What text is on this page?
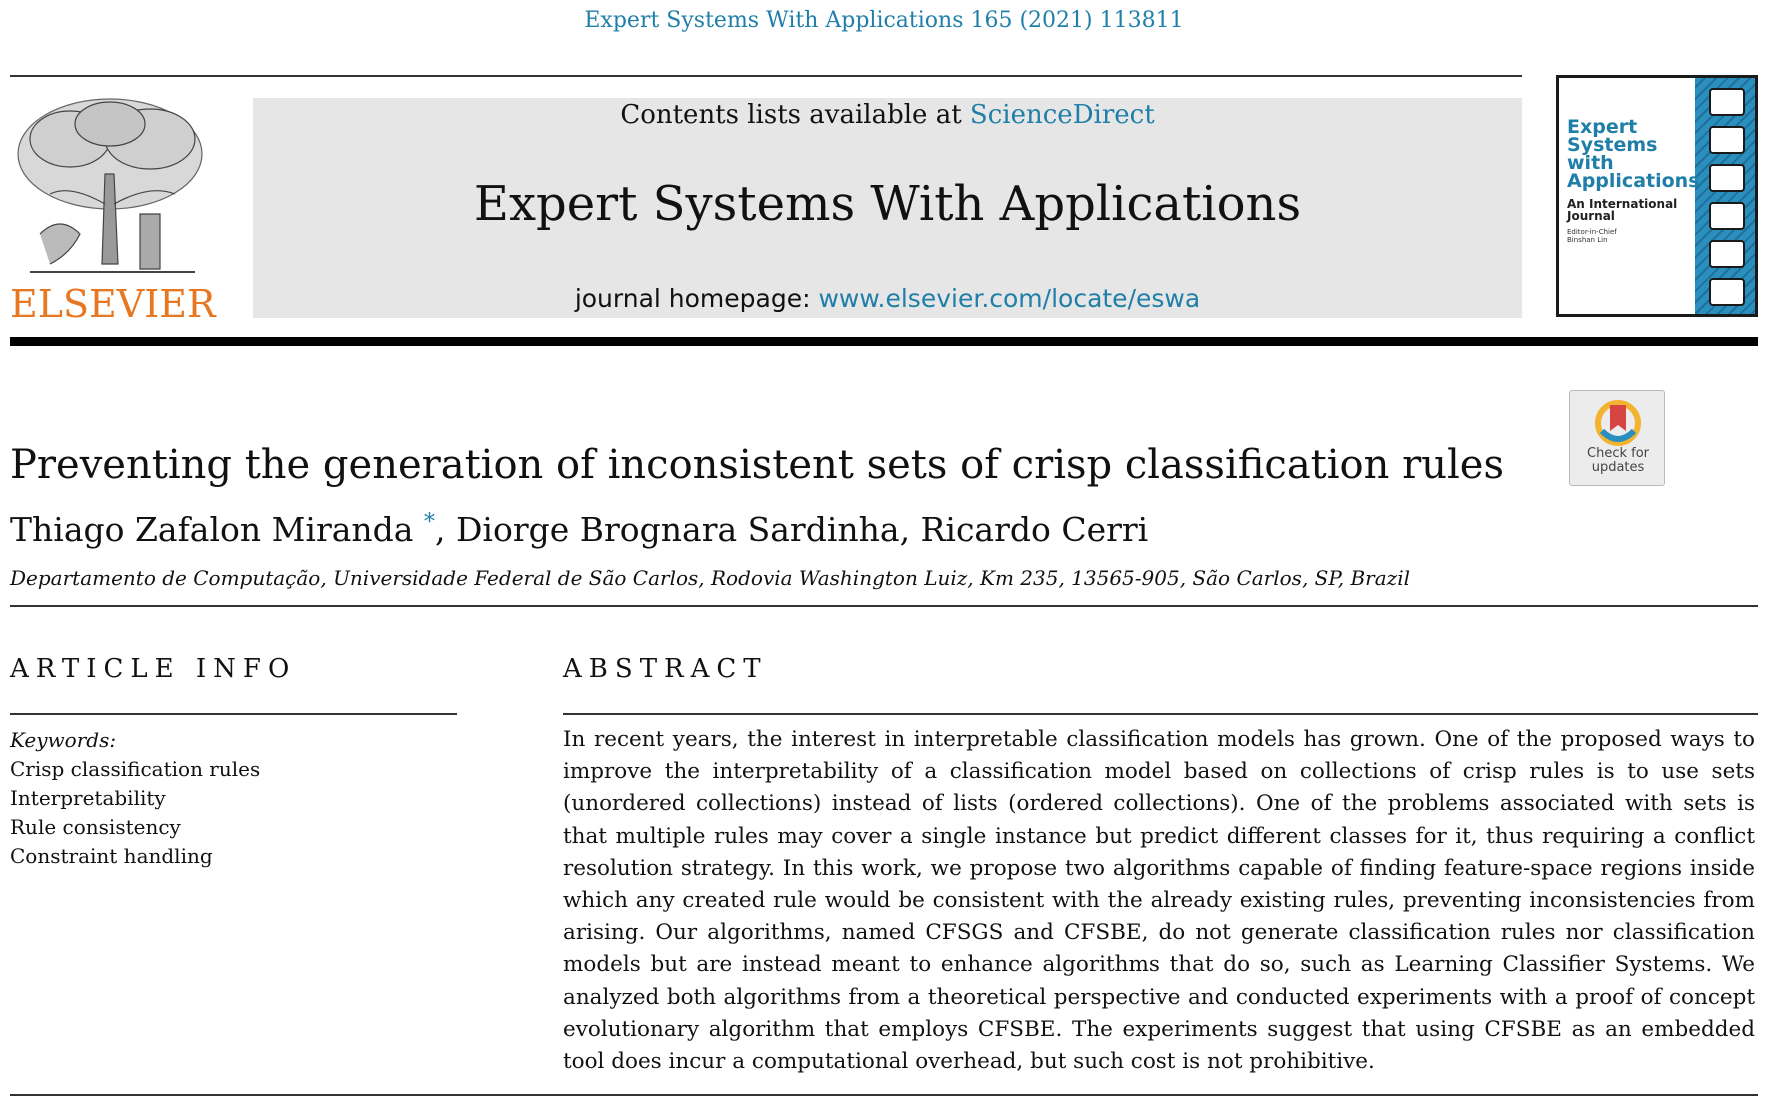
Expert Systems With Applications 165 (2021) 113811
ELSEVIER
Contents lists available at ScienceDirect
Expert Systems With Applications
journal homepage: www.elsevier.com/locate/eswa
Expert
Systems
with
Applications
An International Journal
Editor-in-Chief
Binshan Lin
Check for updates
Preventing the generation of inconsistent sets of crisp classification rules
Thiago Zafalon Miranda *, Diorge Brognara Sardinha, Ricardo Cerri
Departamento de Computação, Universidade Federal de São Carlos, Rodovia Washington Luiz, Km 235, 13565-905, São Carlos, SP, Brazil
ARTICLE INFO
Keywords:
Crisp classification rules
Interpretability
Rule consistency
Constraint handling
ABSTRACT
In recent years, the interest in interpretable classification models has grown. One of the proposed ways to improve the interpretability of a classification model based on collections of crisp rules is to use sets (unordered collections) instead of lists (ordered collections). One of the problems associated with sets is that multiple rules may cover a single instance but predict different classes for it, thus requiring a conflict resolution strategy. In this work, we propose two algorithms capable of finding feature-space regions inside which any created rule would be consistent with the already existing rules, preventing inconsistencies from arising. Our algorithms, named CFSGS and CFSBE, do not generate classification rules nor classification models but are instead meant to enhance algorithms that do so, such as Learning Classifier Systems. We analyzed both algorithms from a theoretical perspective and conducted experiments with a proof of concept evolutionary algorithm that employs CFSBE. The experiments suggest that using CFSBE as an embedded tool does incur a computational overhead, but such cost is not prohibitive.
